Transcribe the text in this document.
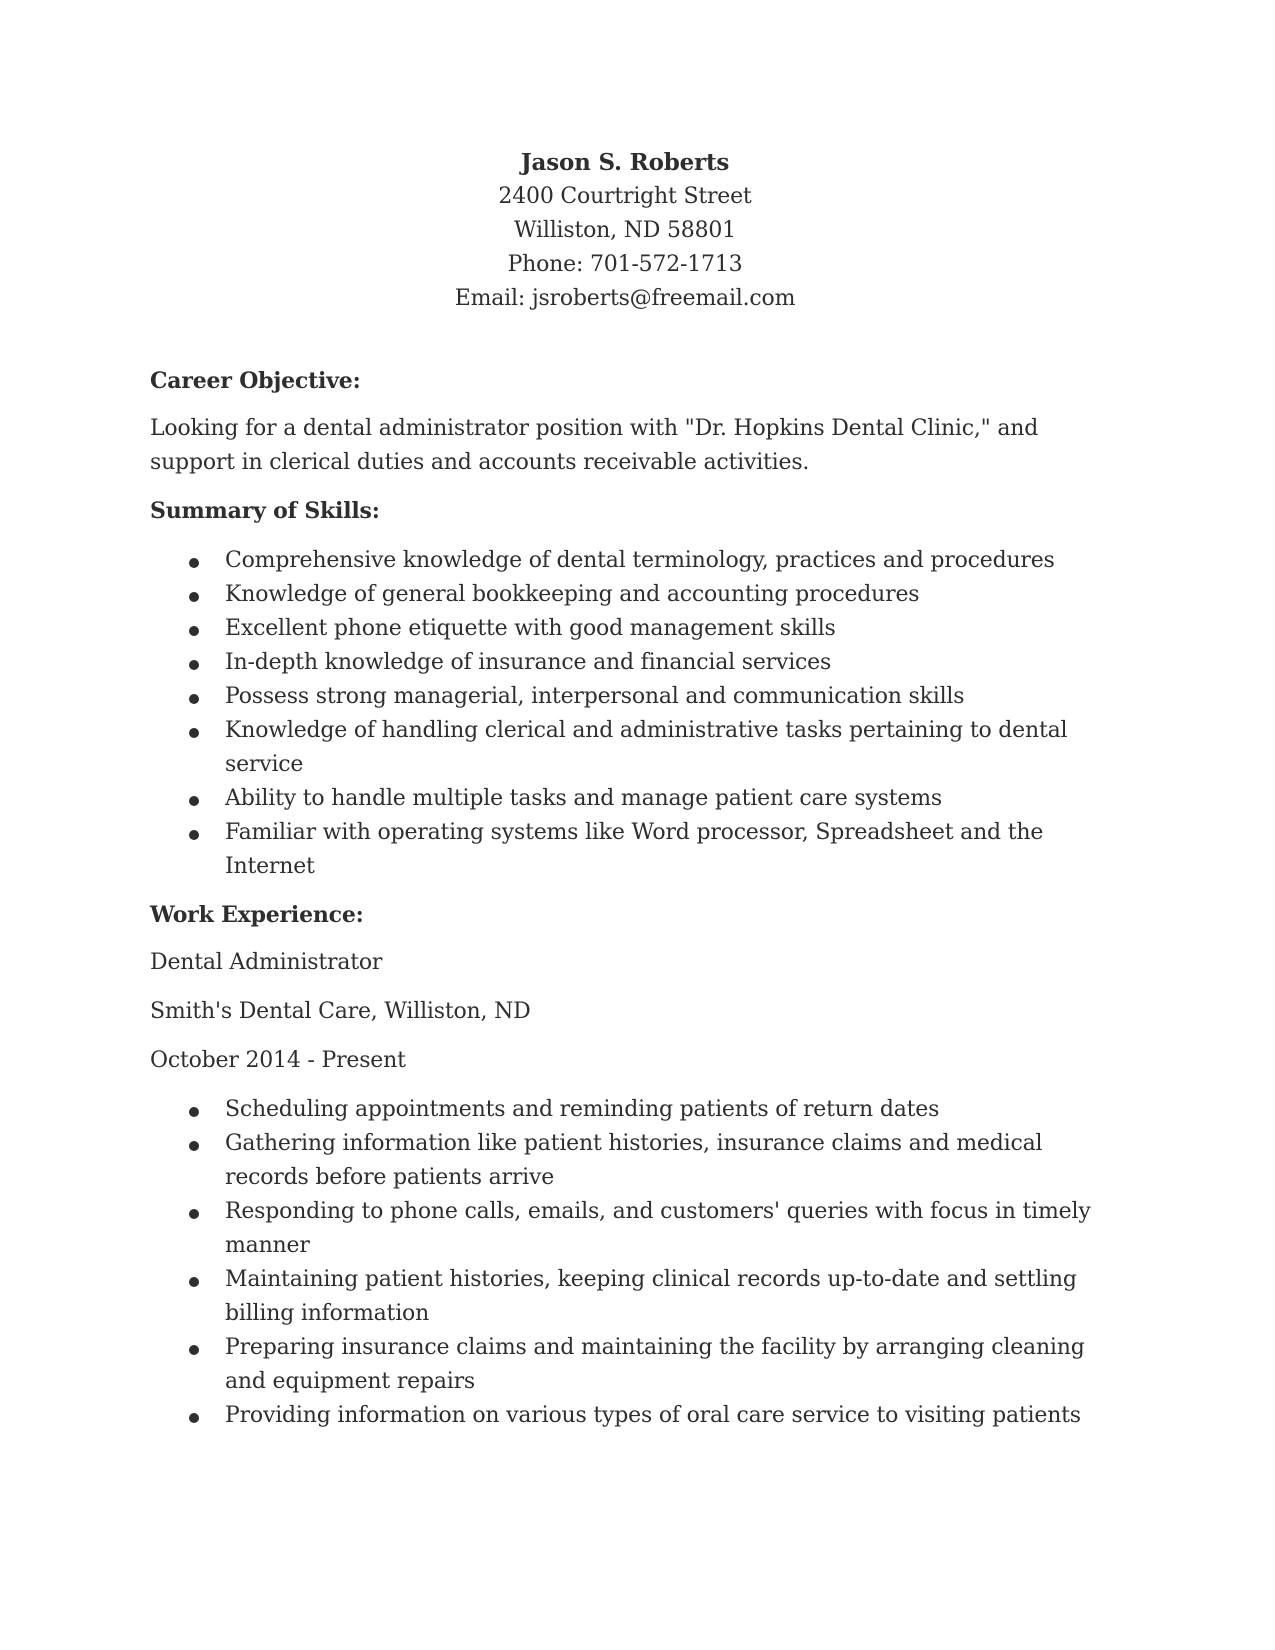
Jason S. Roberts
2400 Courtright Street
Williston, ND 58801
Phone: 701-572-1713
Email: jsroberts@freemail.com

Career Objective:

Looking for a dental administrator position with "Dr. Hopkins Dental Clinic," and support in clerical duties and accounts receivable activities.

Summary of Skills:

Comprehensive knowledge of dental terminology, practices and procedures
Knowledge of general bookkeeping and accounting procedures
Excellent phone etiquette with good management skills
In-depth knowledge of insurance and financial services
Possess strong managerial, interpersonal and communication skills
Knowledge of handling clerical and administrative tasks pertaining to dental service
Ability to handle multiple tasks and manage patient care systems
Familiar with operating systems like Word processor, Spreadsheet and the Internet

Work Experience:

Dental Administrator

Smith's Dental Care, Williston, ND

October 2014 - Present

Scheduling appointments and reminding patients of return dates
Gathering information like patient histories, insurance claims and medical records before patients arrive
Responding to phone calls, emails, and customers' queries with focus in timely manner
Maintaining patient histories, keeping clinical records up-to-date and settling billing information
Preparing insurance claims and maintaining the facility by arranging cleaning and equipment repairs
Providing information on various types of oral care service to visiting patients
